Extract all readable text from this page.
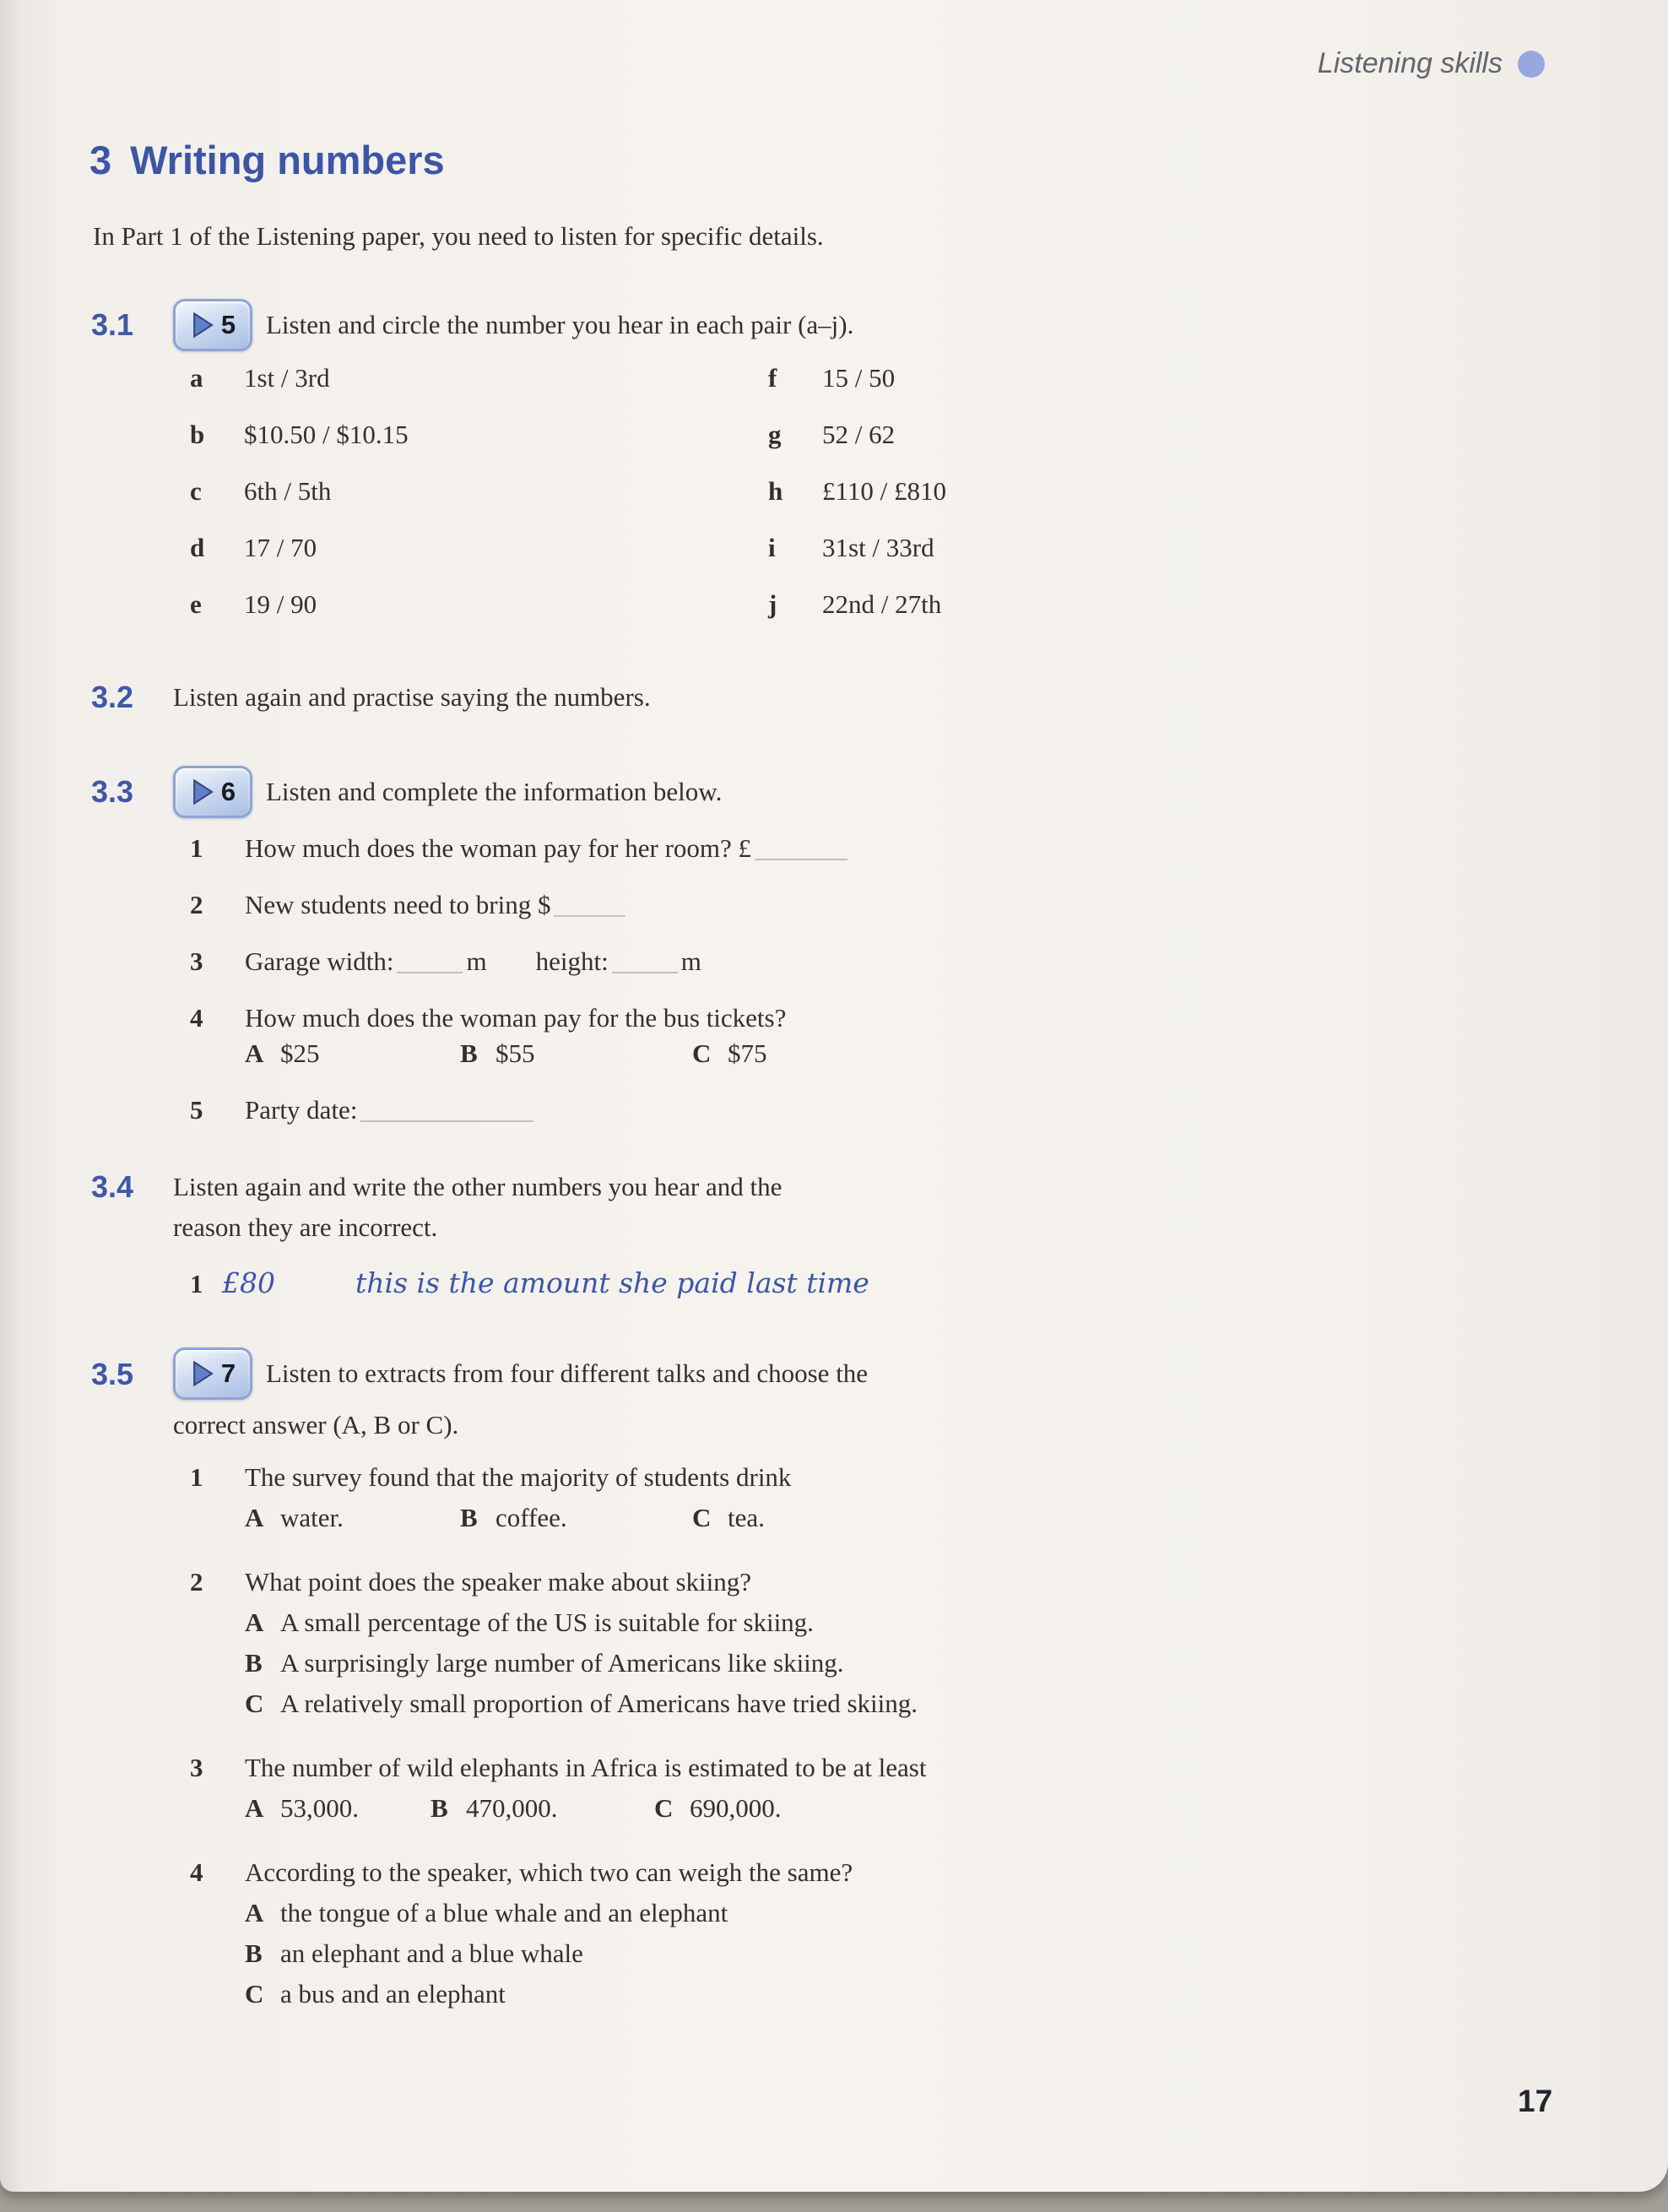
Listening skills
3 Writing numbers

In Part 1 of the Listening paper, you need to listen for specific details.

3.1	5 Listen and circle the number you hear in each pair (a–j).
a	1st / 3rd	f	15 / 50
b	$10.50 / $10.15	g	52 / 62
c	6th / 5th	h	£110 / £810
d	17 / 70	i	31st / 33rd
e	19 / 90	j	22nd / 27th
3.2	Listen again and practise saying the numbers.
3.3	6 Listen and complete the information below.
1	How much does the woman pay for her room? £
2	New students need to bring $
3	Garage width:	m height:	m
4	How much does the woman pay for the bus tickets?
A $25	B $55	C $75
5	Party date:
3.4	Listen again and write the other numbers you hear and the
reason they are incorrect.
1 £80	this is the amount she paid last time
3.5	7 Listen to extracts from four different talks and choose the
correct answer (A, B or C).
1	The survey found that the majority of students drink
A water.	B coffee.	C tea.
2	What point does the speaker make about skiing?
A A small percentage of the US is suitable for skiing.
B A surprisingly large number of Americans like skiing.
C A relatively small proportion of Americans have tried skiing.
3	The number of wild elephants in Africa is estimated to be at least
A 53,000.	B 470,000.	C 690,000.
4	According to the speaker, which two can weigh the same?
A the tongue of a blue whale and an elephant
B an elephant and a blue whale
C a bus and an elephant
17
